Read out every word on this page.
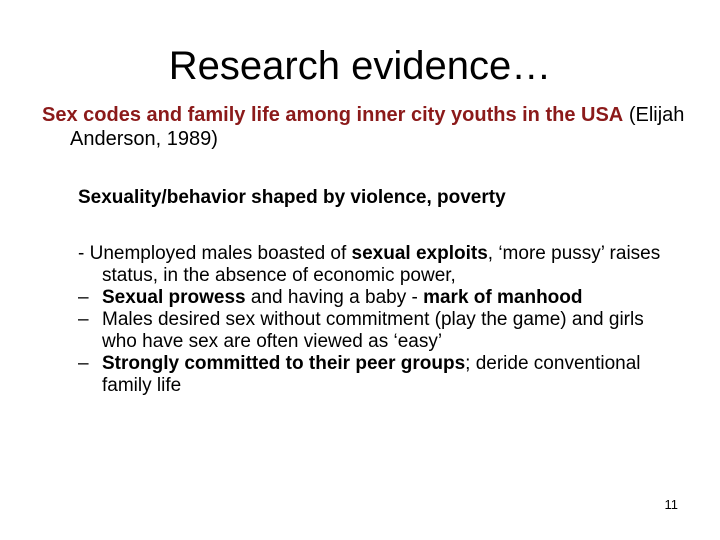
Research evidence…
Sex codes and family life among inner city youths in the USA (Elijah Anderson, 1989)
Sexuality/behavior shaped by violence, poverty

- Unemployed males boasted of sexual exploits, ‘more pussy’ raises status, in the absence of economic power,

– Sexual prowess and having a baby - mark of manhood
– Males desired sex without commitment (play the game) and girls who have sex are often viewed as ‘easy’
– Strongly committed to their peer groups; deride conventional family life
11
